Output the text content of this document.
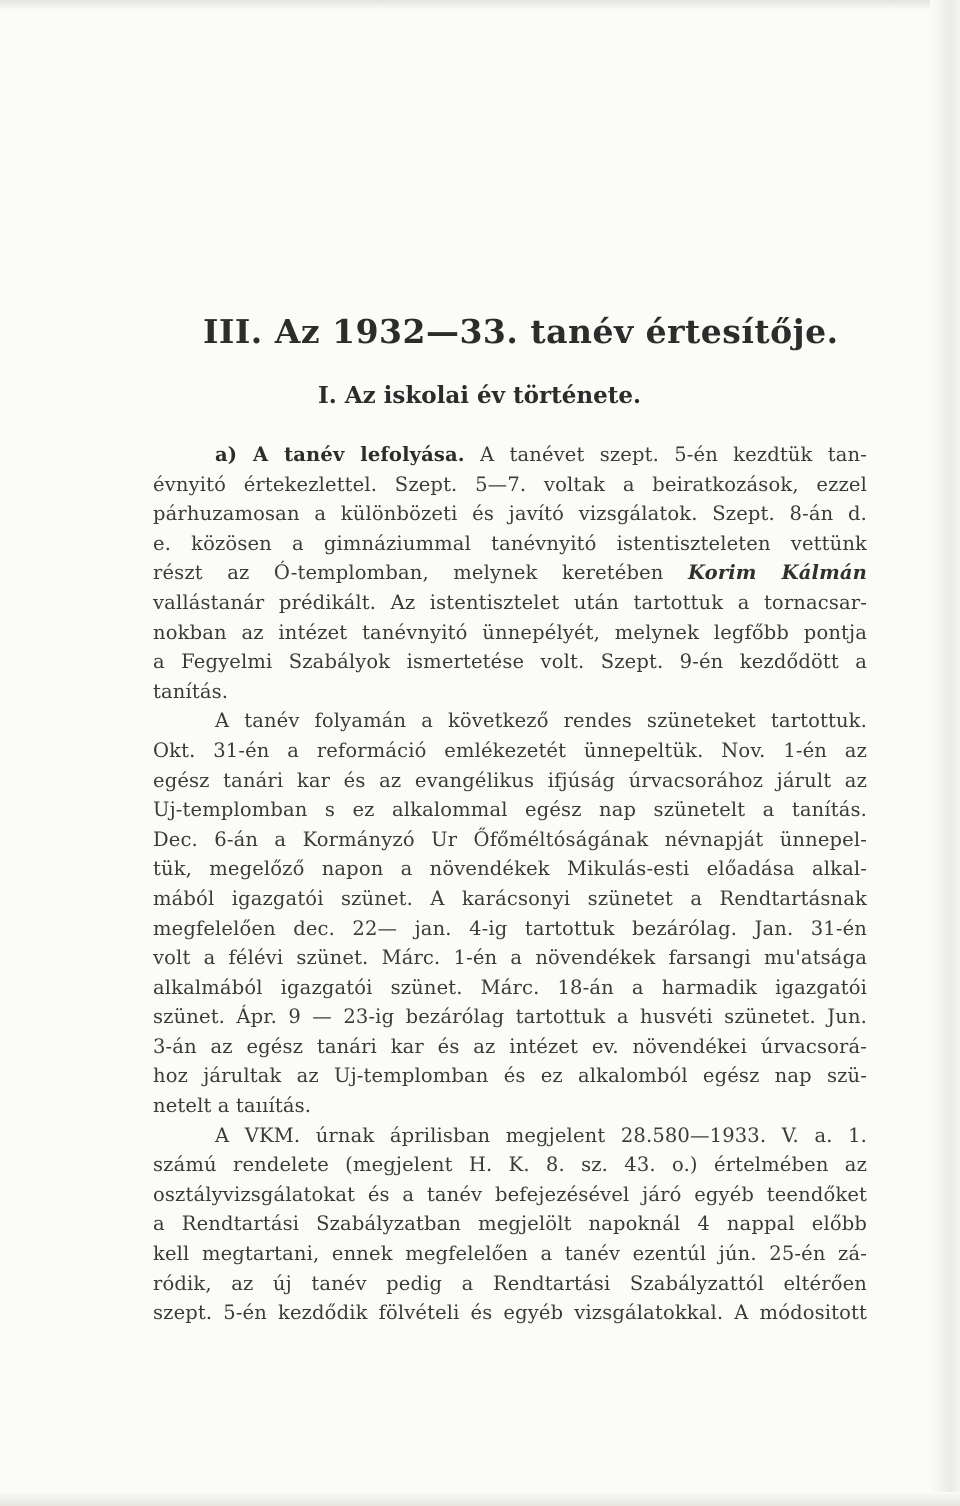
III. Az 1932—33. tanév értesítője.
I. Az iskolai év története.
a) A tanév lefolyása. A tanévet szept. 5-én kezdtük tan-
évnyitó értekezlettel. Szept. 5—7. voltak a beiratkozások, ezzel
párhuzamosan a különbözeti és javító vizsgálatok. Szept. 8-án d.
e. közösen a gimnáziummal tanévnyitó istentiszteleten vettünk
részt az Ó-templomban, melynek keretében Korim Kálmán
vallástanár prédikált. Az istentisztelet után tartottuk a tornacsar-
nokban az intézet tanévnyitó ünnepélyét, melynek legfőbb pontja
a Fegyelmi Szabályok ismertetése volt. Szept. 9-én kezdődött a
tanítás.
A tanév folyamán a következő rendes szüneteket tartottuk.
Okt. 31-én a reformáció emlékezetét ünnepeltük. Nov. 1-én az
egész tanári kar és az evangélikus ifjúság úrvacsorához járult az
Uj-templomban s ez alkalommal egész nap szünetelt a tanítás.
Dec. 6-án a Kormányzó Ur Őfőméltóságának névnapját ünnepel-
tük, megelőző napon a növendékek Mikulás-esti előadása alkal-
mából igazgatói szünet. A karácsonyi szünetet a Rendtartásnak
megfelelően dec. 22— jan. 4-ig tartottuk bezárólag. Jan. 31-én
volt a félévi szünet. Márc. 1-én a növendékek farsangi mu'atsága
alkalmából igazgatói szünet. Márc. 18-án a harmadik igazgatói
szünet. Ápr. 9 — 23-ig bezárólag tartottuk a husvéti szünetet. Jun.
3-án az egész tanári kar és az intézet ev. növendékei úrvacsorá-
hoz járultak az Uj-templomban és ez alkalomból egész nap szü-
netelt a taııítás.
A VKM. úrnak áprilisban megjelent 28.580—1933. V. a. 1.
számú rendelete (megjelent H. K. 8. sz. 43. o.) értelmében az
osztályvizsgálatokat és a tanév befejezésével járó egyéb teendőket
a Rendtartási Szabályzatban megjelölt napoknál 4 nappal előbb
kell megtartani, ennek megfelelően a tanév ezentúl jún. 25-én zá-
ródik, az új tanév pedig a Rendtartási Szabályzattól eltérően
szept. 5-én kezdődik fölvételi és egyéb vizsgálatokkal. A módositott
